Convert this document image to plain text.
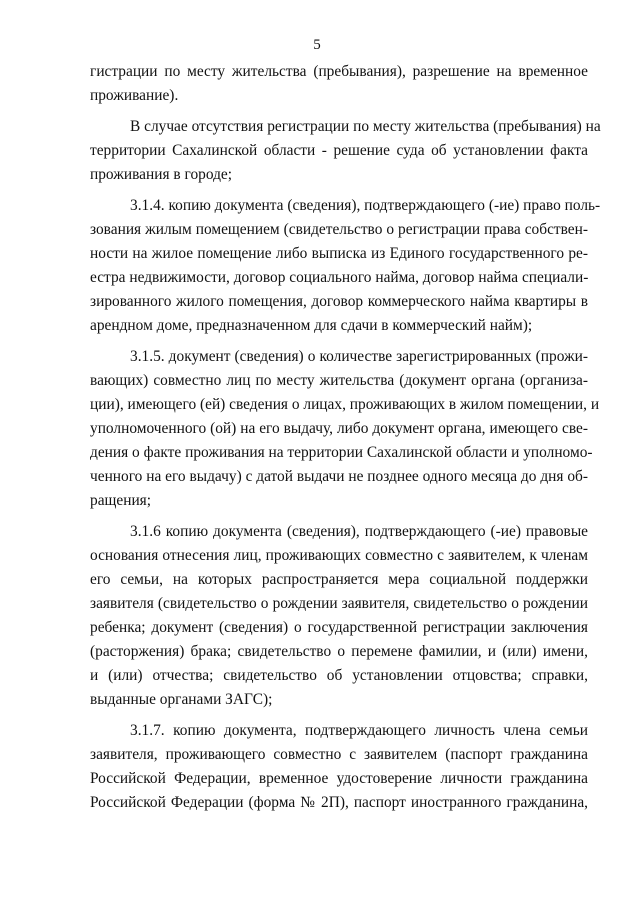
5
гистрации по месту жительства (пребывания), разрешение на временное
проживание).
В случае отсутствия регистрации по месту жительства (пребывания) на
территории Сахалинской области - решение суда об установлении факта
проживания в городе;
3.1.4. копию документа (сведения), подтверждающего (-ие) право поль-
зования жилым помещением (свидетельство о регистрации права собствен-
ности на жилое помещение либо выписка из Единого государственного ре-
естра недвижимости, договор социального найма, договор найма специали-
зированного жилого помещения, договор коммерческого найма квартиры в
арендном доме, предназначенном для сдачи в коммерческий найм);
3.1.5. документ (сведения) о количестве зарегистрированных (прожи-
вающих) совместно лиц по месту жительства (документ органа (организа-
ции), имеющего (ей) сведения о лицах, проживающих в жилом помещении, и
уполномоченного (ой) на его выдачу, либо документ органа, имеющего све-
дения о факте проживания на территории Сахалинской области и уполномо-
ченного на его выдачу) с датой выдачи не позднее одного месяца до дня об-
ращения;
3.1.6 копию документа (сведения), подтверждающего (-ие) правовые
основания отнесения лиц, проживающих совместно с заявителем, к членам
его семьи, на которых распространяется мера социальной поддержки
заявителя (свидетельство о рождении заявителя, свидетельство о рождении
ребенка; документ (сведения) о государственной регистрации заключения
(расторжения) брака; свидетельство о перемене фамилии, и (или) имени,
и (или) отчества; свидетельство об установлении отцовства; справки,
выданные органами ЗАГС);
3.1.7. копию документа, подтверждающего личность члена семьи
заявителя, проживающего совместно с заявителем (паспорт гражданина
Российской Федерации, временное удостоверение личности гражданина
Российской Федерации (форма № 2П), паспорт иностранного гражданина,
